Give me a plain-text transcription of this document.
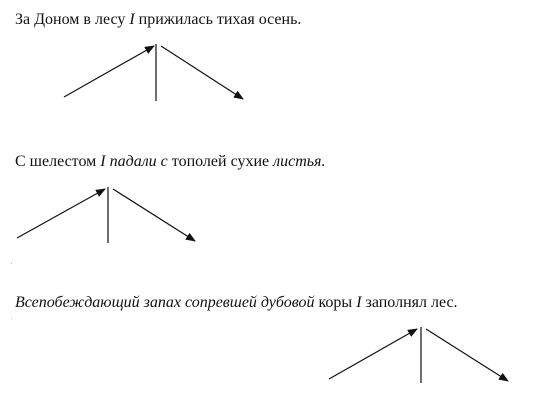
За Доном в лесу I прижилась тихая осень.

С шелестом I падали с тополей сухие листья.

Всепобеждающий запах сопревшей дубовой коры I заполнял лес.
